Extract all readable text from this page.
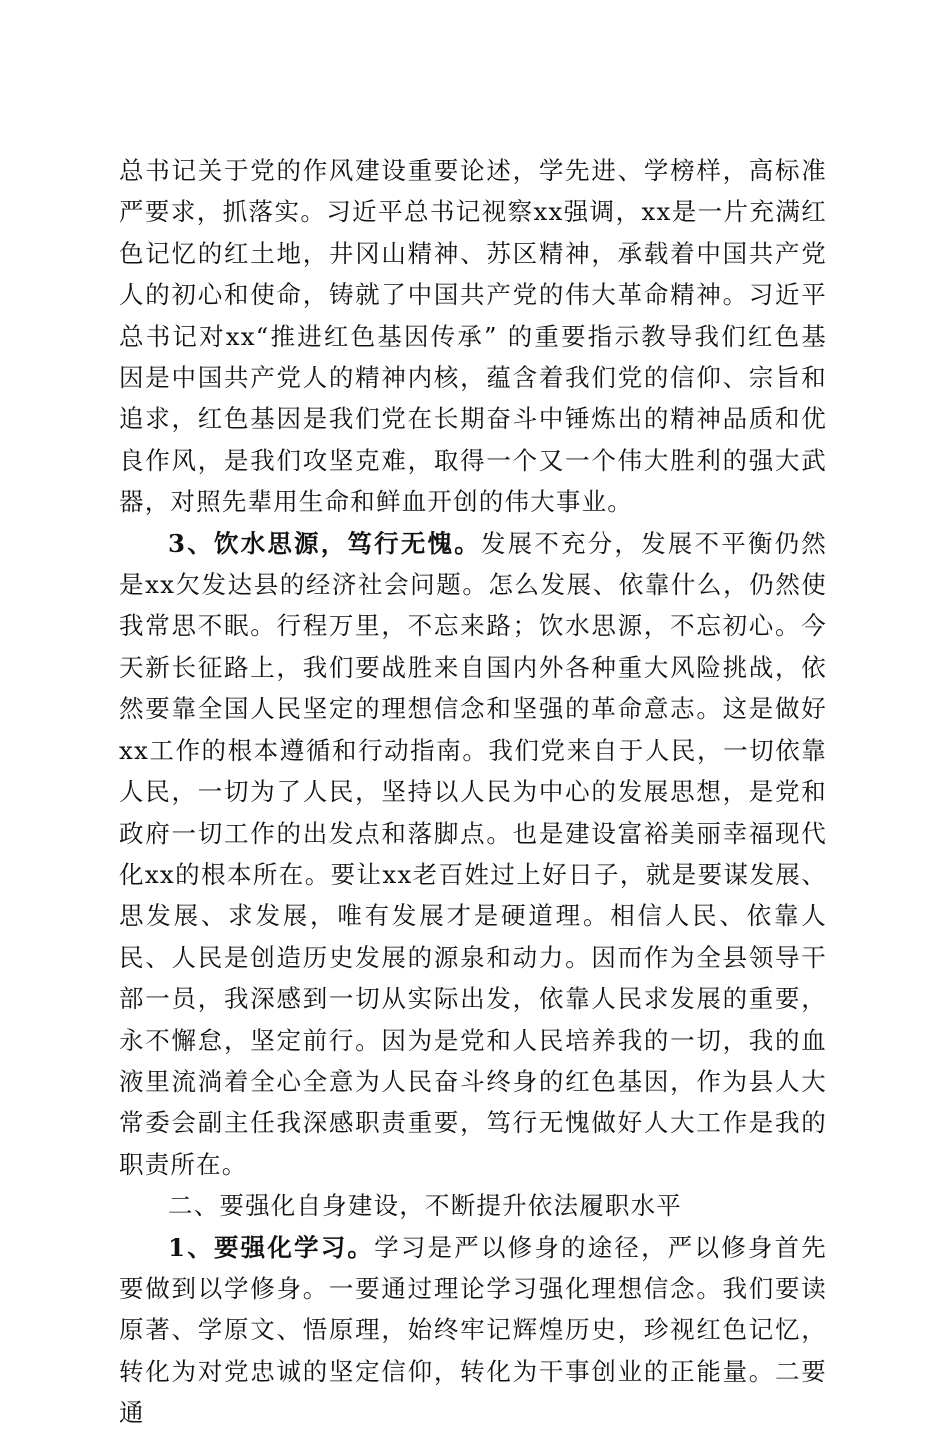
总书记关于党的作风建设重要论述，学先进、学榜样，高标准严要求，抓落实。习近平总书记视察xx强调，xx是一片充满红色记忆的红土地，井冈山精神、苏区精神，承载着中国共产党人的初心和使命，铸就了中国共产党的伟大革命精神。习近平总书记对xx“推进红色基因传承” 的重要指示教导我们红色基因是中国共产党人的精神内核，蕴含着我们党的信仰、宗旨和追求，红色基因是我们党在长期奋斗中锤炼出的精神品质和优良作风，是我们攻坚克难，取得一个又一个伟大胜利的强大武器，对照先辈用生命和鲜血开创的伟大事业。

3、饮水思源，笃行无愧。发展不充分，发展不平衡仍然是xx欠发达县的经济社会问题。怎么发展、依靠什么，仍然使我常思不眠。行程万里，不忘来路；饮水思源，不忘初心。今天新长征路上，我们要战胜来自国内外各种重大风险挑战，依然要靠全国人民坚定的理想信念和坚强的革命意志。这是做好xx工作的根本遵循和行动指南。我们党来自于人民，一切依靠人民，一切为了人民，坚持以人民为中心的发展思想，是党和政府一切工作的出发点和落脚点。也是建设富裕美丽幸福现代化xx的根本所在。要让xx老百姓过上好日子，就是要谋发展、思发展、求发展，唯有发展才是硬道理。相信人民、依靠人民、人民是创造历史发展的源泉和动力。因而作为全县领导干部一员，我深感到一切从实际出发，依靠人民求发展的重要，永不懈怠，坚定前行。因为是党和人民培养我的一切，我的血液里流淌着全心全意为人民奋斗终身的红色基因，作为县人大常委会副主任我深感职责重要，笃行无愧做好人大工作是我的职责所在。

二、要强化自身建设，不断提升依法履职水平

1、要强化学习。学习是严以修身的途径，严以修身首先要做到以学修身。一要通过理论学习强化理想信念。我们要读原著、学原文、悟原理，始终牢记辉煌历史，珍视红色记忆，转化为对党忠诚的坚定信仰，转化为干事创业的正能量。二要通
